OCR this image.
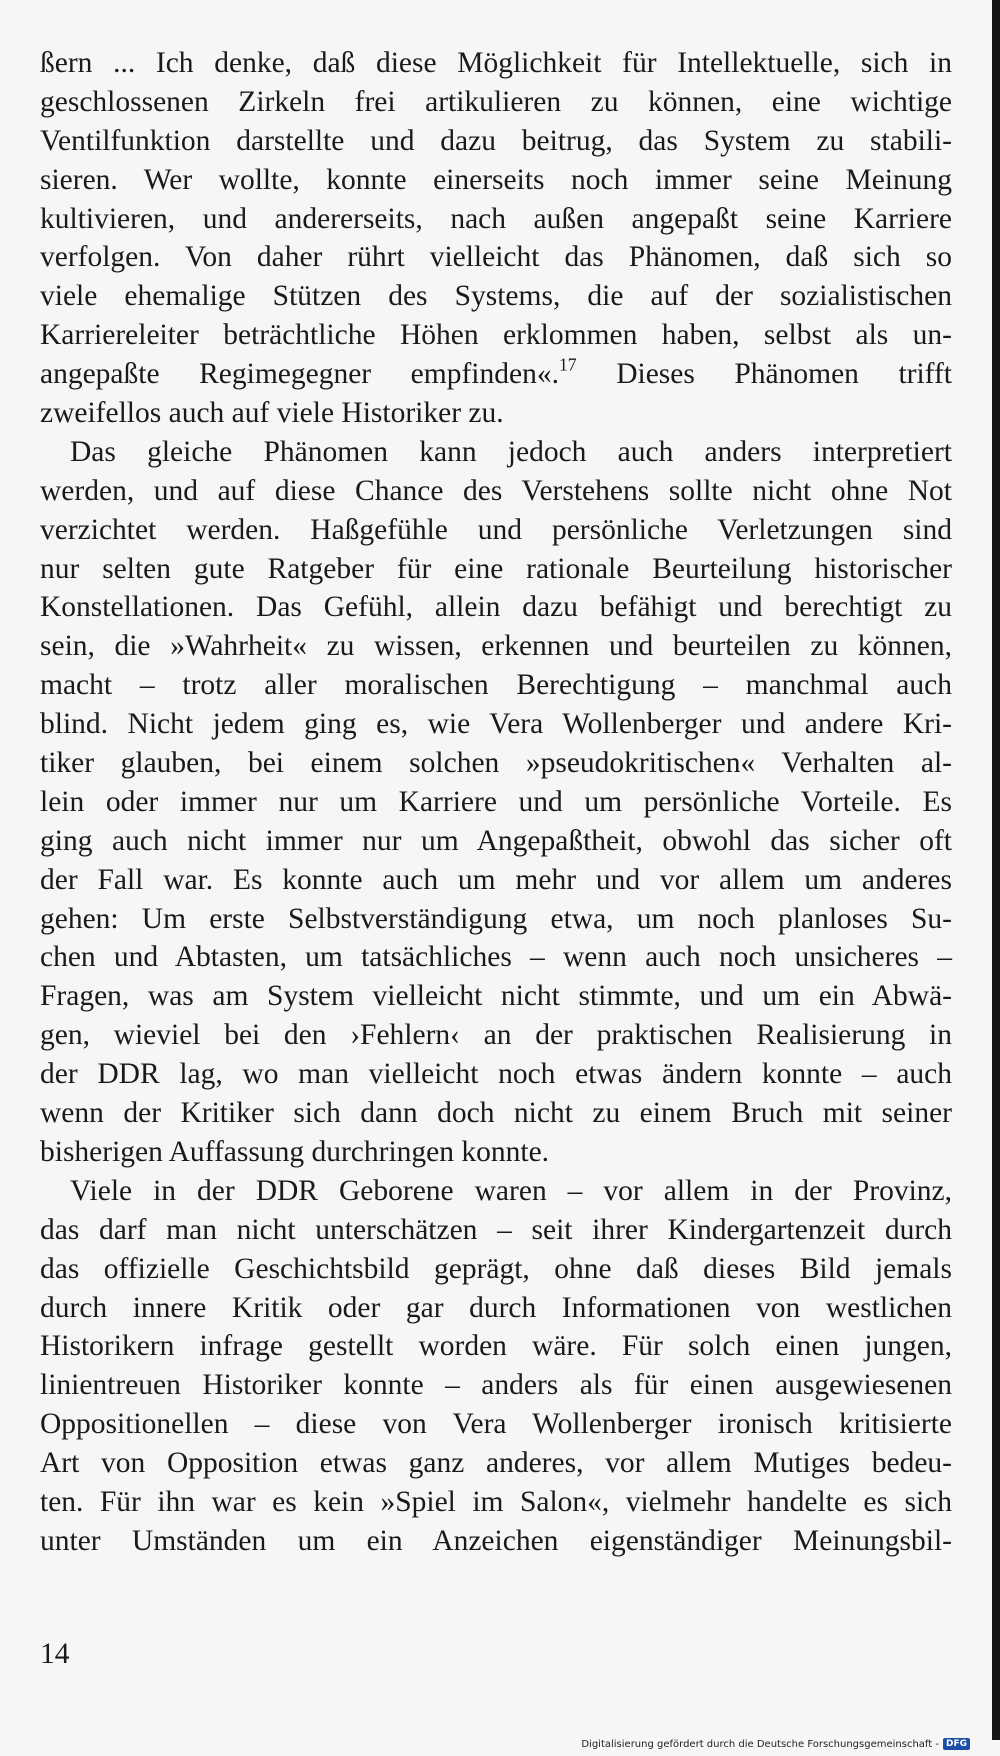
ßern ... Ich denke, daß diese Möglichkeit für Intellektuelle, sich in
geschlossenen Zirkeln frei artikulieren zu können, eine wichtige
Ventilfunktion darstellte und dazu beitrug, das System zu stabili-
sieren. Wer wollte, konnte einerseits noch immer seine Meinung
kultivieren, und andererseits, nach außen angepaßt seine Karriere
verfolgen. Von daher rührt vielleicht das Phänomen, daß sich so
viele ehemalige Stützen des Systems, die auf der sozialistischen
Karriereleiter beträchtliche Höhen erklommen haben, selbst als un-
angepaßte Regimegegner empfinden«.$^{17}$ Dieses Phänomen trifft
zweifellos auch auf viele Historiker zu.
Das gleiche Phänomen kann jedoch auch anders interpretiert
werden, und auf diese Chance des Verstehens sollte nicht ohne Not
verzichtet werden. Haßgefühle und persönliche Verletzungen sind
nur selten gute Ratgeber für eine rationale Beurteilung historischer
Konstellationen. Das Gefühl, allein dazu befähigt und berechtigt zu
sein, die »Wahrheit« zu wissen, erkennen und beurteilen zu können,
macht – trotz aller moralischen Berechtigung – manchmal auch
blind. Nicht jedem ging es, wie Vera Wollenberger und andere Kri-
tiker glauben, bei einem solchen »pseudokritischen« Verhalten al-
lein oder immer nur um Karriere und um persönliche Vorteile. Es
ging auch nicht immer nur um Angepaßtheit, obwohl das sicher oft
der Fall war. Es konnte auch um mehr und vor allem um anderes
gehen: Um erste Selbstverständigung etwa, um noch planloses Su-
chen und Abtasten, um tatsächliches – wenn auch noch unsicheres –
Fragen, was am System vielleicht nicht stimmte, und um ein Abwä-
gen, wieviel bei den ›Fehlern‹ an der praktischen Realisierung in
der DDR lag, wo man vielleicht noch etwas ändern konnte – auch
wenn der Kritiker sich dann doch nicht zu einem Bruch mit seiner
bisherigen Auffassung durchringen konnte.
Viele in der DDR Geborene waren – vor allem in der Provinz,
das darf man nicht unterschätzen – seit ihrer Kindergartenzeit durch
das offizielle Geschichtsbild geprägt, ohne daß dieses Bild jemals
durch innere Kritik oder gar durch Informationen von westlichen
Historikern infrage gestellt worden wäre. Für solch einen jungen,
linientreuen Historiker konnte – anders als für einen ausgewiesenen
Oppositionellen – diese von Vera Wollenberger ironisch kritisierte
Art von Opposition etwas ganz anderes, vor allem Mutiges bedeu-
ten. Für ihn war es kein »Spiel im Salon«, vielmehr handelte es sich
unter Umständen um ein Anzeichen eigenständiger Meinungsbil-
14
Digitalisierung gefördert durch die Deutsche Forschungsgemeinschaft - DFG
